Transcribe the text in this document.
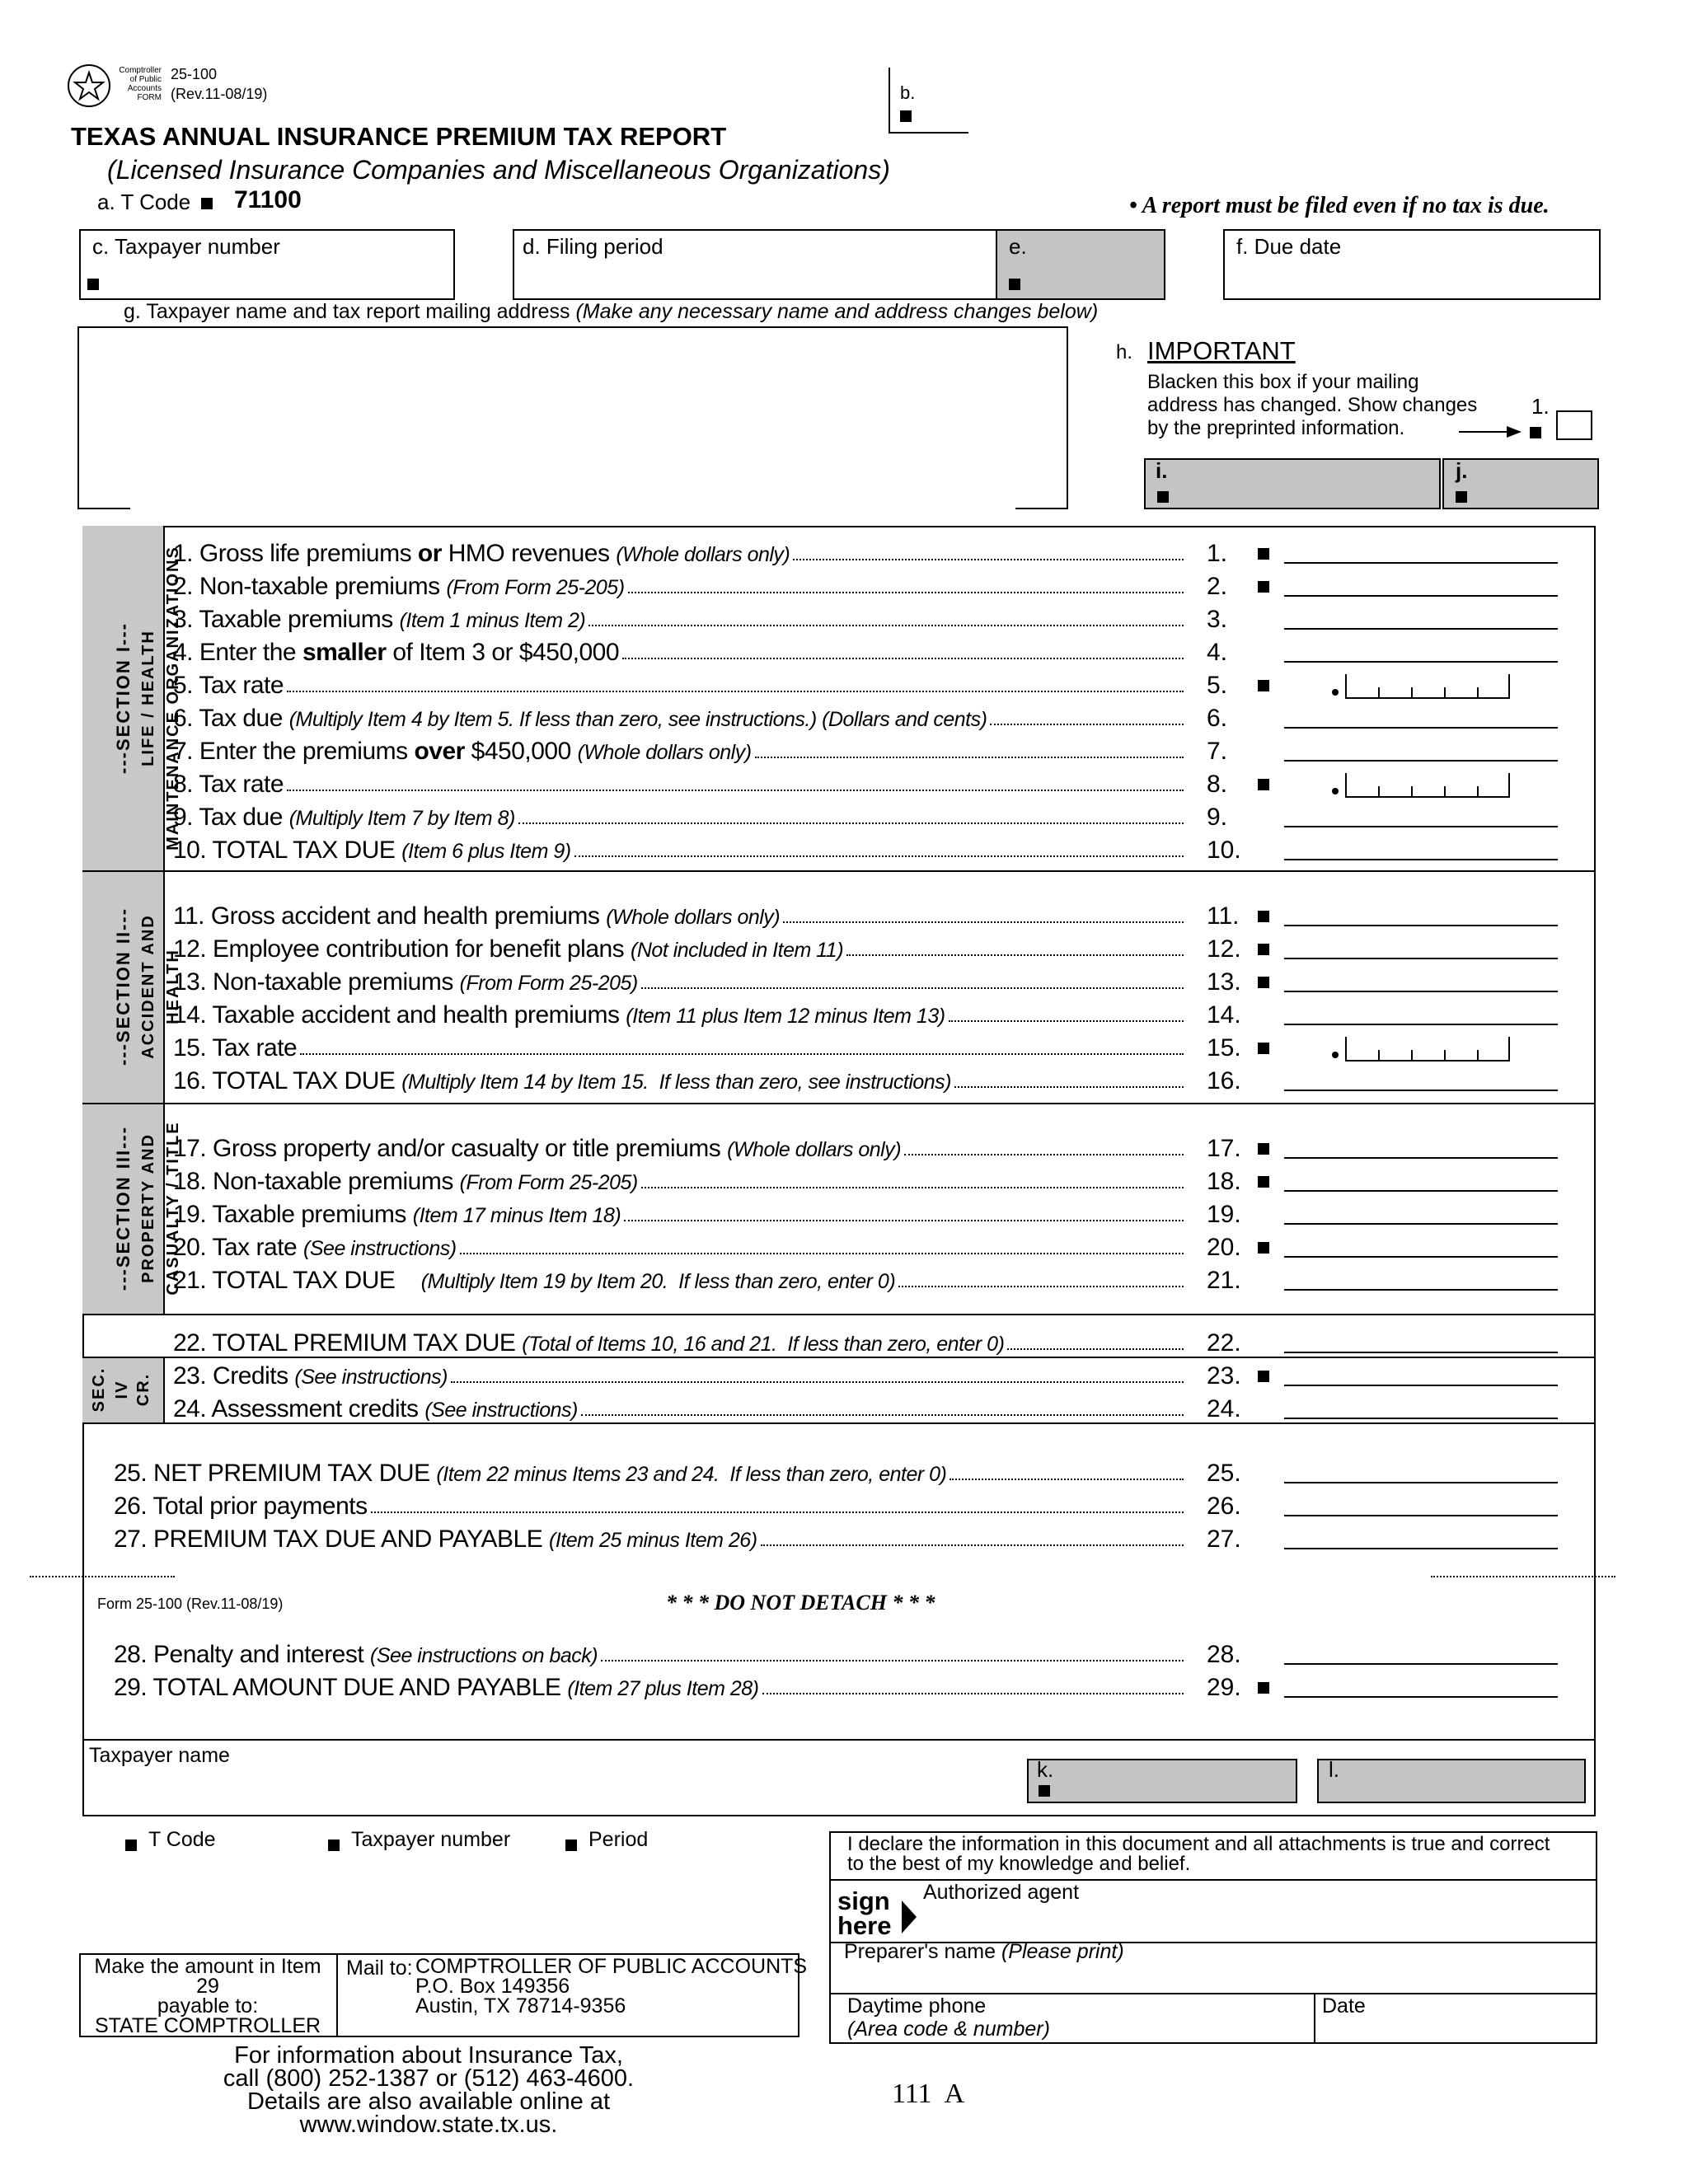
Comptroller of Public Accounts FORM
25-100
(Rev.11-08/19)	b.
TEXAS ANNUAL INSURANCE PREMIUM TAX REPORT
(Licensed Insurance Companies and Miscellaneous Organizations)
a. T Code 71100	• A report must be filed even if no tax is due.
c. Taxpayer number	d. Filing period	e.	f. Due date
g. Taxpayer name and tax report mailing address (Make any necessary name and address changes below)
h. IMPORTANT
Blacken this box if your mailing
address has changed. Show changes
by the preprinted information.
1.
i.	j.
---SECTION I--- LIFE / HEALTH MAINTENANCE ORGANIZATIONS
---SECTION II--- ACCIDENT AND HEALTH
---SECTION III--- PROPERTY AND CASUALTY / TITLE
SEC. IV CR.
Form 25-100 (Rev.11-08/19)	* * * DO NOT DETACH * * *
1. Gross life premiums or HMO revenues (Whole dollars only)	1.
2. Non-taxable premiums (From Form 25-205)	2.
3. Taxable premiums (Item 1 minus Item 2)	3.
4. Enter the smaller of Item 3 or $450,000	4.
5. Tax rate	5.
6. Tax due (Multiply Item 4 by Item 5. If less than zero, see instructions.) (Dollars and cents)	6.
7. Enter the premiums over $450,000 (Whole dollars only)	7.
8. Tax rate	8.
9. Tax due (Multiply Item 7 by Item 8)	9.
10. TOTAL TAX DUE (Item 6 plus Item 9)	10.
11. Gross accident and health premiums (Whole dollars only)	11.
12. Employee contribution for benefit plans (Not included in Item 11)	12.
13. Non-taxable premiums (From Form 25-205)	13.
14. Taxable accident and health premiums (Item 11 plus Item 12 minus Item 13)	14.
15. Tax rate	15.
16. TOTAL TAX DUE (Multiply Item 14 by Item 15.  If less than zero, see instructions)	16.
17. Gross property and/or casualty or title premiums (Whole dollars only)	17.
18. Non-taxable premiums (From Form 25-205)	18.
19. Taxable premiums (Item 17 minus Item 18)	19.
20. Tax rate (See instructions)	20.
21. TOTAL TAX DUE    (Multiply Item 19 by Item 20.  If less than zero, enter 0)	21.
22. TOTAL PREMIUM TAX DUE (Total of Items 10, 16 and 21.  If less than zero, enter 0)	22.
23. Credits (See instructions)	23.
24. Assessment credits (See instructions)	24.
25. NET PREMIUM TAX DUE (Item 22 minus Items 23 and 24.  If less than zero, enter 0)	25.
26. Total prior payments	26.
27. PREMIUM TAX DUE AND PAYABLE (Item 25 minus Item 26)	27.
28. Penalty and interest (See instructions on back)	28.
29. TOTAL AMOUNT DUE AND PAYABLE (Item 27 plus Item 28)	29.
Taxpayer name
k.	l.
T Code	Taxpayer number	Period	I declare the information in this document and all attachments is true and correct
to the best of my knowledge and belief.
sign
here
Authorized agent
Preparer's name (Please print)
Daytime phone
(Area code & number)
Date
Make the amount in Item 29
payable to:
STATE COMPTROLLER
Mail to: COMPTROLLER OF PUBLIC ACCOUNTS
P.O. Box 149356
Austin, TX 78714-9356
For information about Insurance Tax,
call (800) 252-1387 or (512) 463-4600.
Details are also available online at www.window.state.tx.us.
111  A
